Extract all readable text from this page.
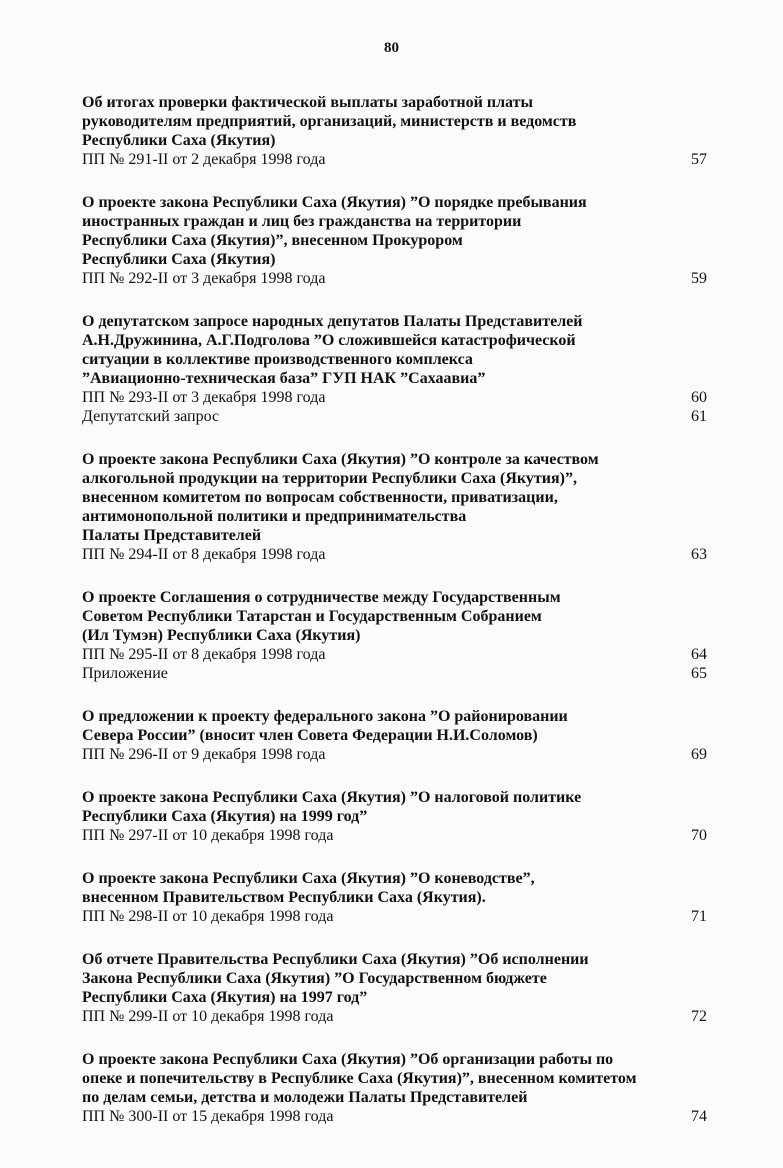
80
Об итогах проверки фактической выплаты заработной платы
руководителям предприятий, организаций, министерств и ведомств
Республики Саха (Якутия)
ПП № 291-II от 2 декабря 1998 года	57
О проекте закона Республики Саха (Якутия) ”О порядке пребывания
иностранных граждан и лиц без гражданства на территории
Республики Саха (Якутия)”, внесенном Прокурором
Республики Саха (Якутия)
ПП № 292-II от 3 декабря 1998 года	59
О депутатском запросе народных депутатов Палаты Представителей
А.Н.Дружинина, А.Г.Подголова ”О сложившейся катастрофической
ситуации в коллективе производственного комплекса
”Авиационно-техническая база” ГУП НАК ”Сахаавиа”
ПП № 293-II от 3 декабря 1998 года	60
Депутатский запрос	61
О проекте закона Республики Саха (Якутия) ”О контроле за качеством
алкогольной продукции на территории Республики Саха (Якутия)”,
внесенном комитетом по вопросам собственности, приватизации,
антимонопольной политики и предпринимательства
Палаты Представителей
ПП № 294-II от 8 декабря 1998 года	63
О проекте Соглашения о сотрудничестве между Государственным
Советом Республики Татарстан и Государственным Собранием
(Ил Тумэн) Республики Саха (Якутия)
ПП № 295-II от 8 декабря 1998 года	64
Приложение	65
О предложении к проекту федерального закона ”О районировании
Севера России” (вносит член Совета Федерации Н.И.Соломов)
ПП № 296-II от 9 декабря 1998 года	69
О проекте закона Республики Саха (Якутия) ”О налоговой политике
Республики Саха (Якутия) на 1999 год”
ПП № 297-II от 10 декабря 1998 года	70
О проекте закона Республики Саха (Якутия) ”О коневодстве”,
внесенном Правительством Республики Саха (Якутия).
ПП № 298-II от 10 декабря 1998 года	71
Об отчете Правительства Республики Саха (Якутия) ”Об исполнении
Закона Республики Саха (Якутия) ”О Государственном бюджете
Республики Саха (Якутия) на 1997 год”
ПП № 299-II от 10 декабря 1998 года	72
О проекте закона Республики Саха (Якутия) ”Об организации работы по
опеке и попечительству в Республике Саха (Якутия)”, внесенном комитетом
по делам семьи, детства и молодежи Палаты Представителей
ПП № 300-II от 15 декабря 1998 года	74
